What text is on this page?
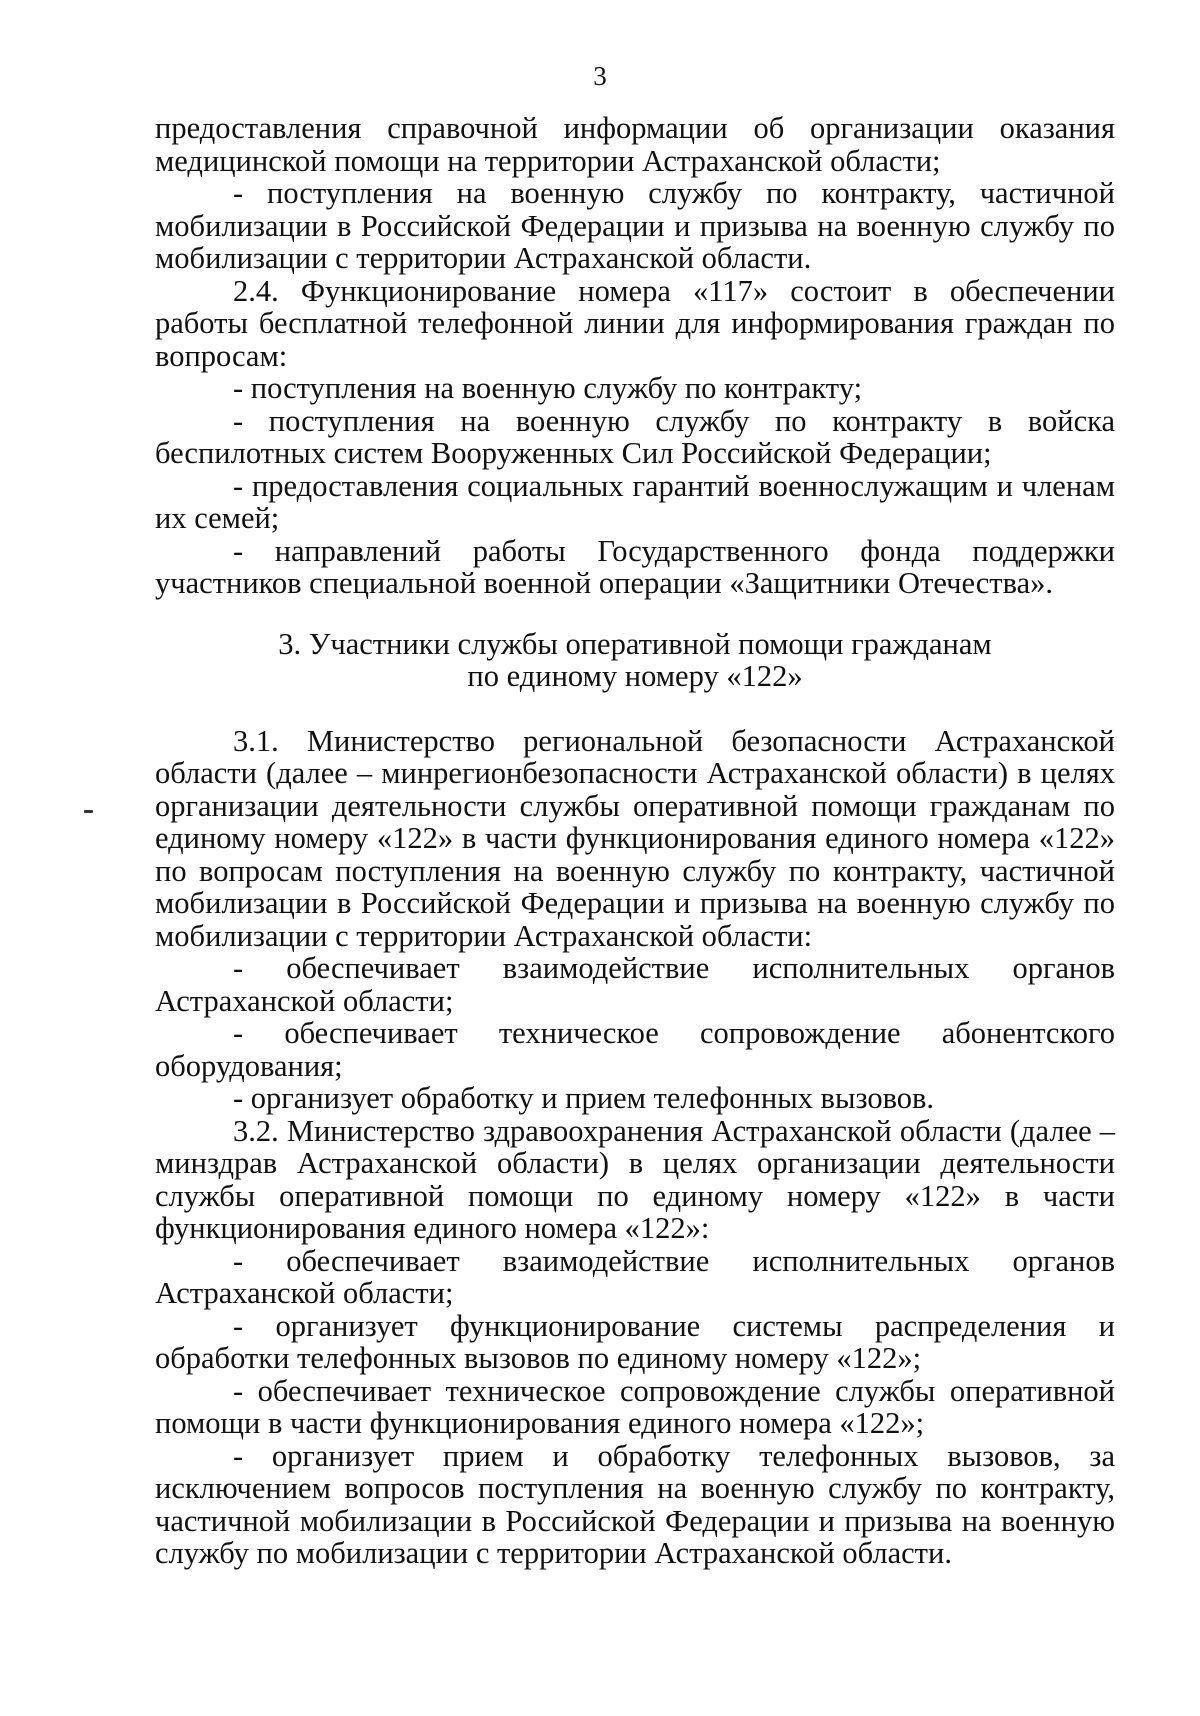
3

предоставления справочной информации об организации оказания медицинской помощи на территории Астраханской области;

- поступления на военную службу по контракту, частичной мобилизации в Российской Федерации и призыва на военную службу по мобилизации с территории Астраханской области.

2.4. Функционирование номера «117» состоит в обеспечении работы бесплатной телефонной линии для информирования граждан по вопросам:

- поступления на военную службу по контракту;

- поступления на военную службу по контракту в войска беспилотных систем Вооруженных Сил Российской Федерации;

- предоставления социальных гарантий военнослужащим и членам их семей;

- направлений работы Государственного фонда поддержки участников специальной военной операции «Защитники Отечества».

3. Участники службы оперативной помощи гражданам
по единому номеру «122»

3.1. Министерство региональной безопасности Астраханской области (далее – минрегионбезопасности Астраханской области) в целях организации деятельности службы оперативной помощи гражданам по единому номеру «122» в части функционирования единого номера «122» по вопросам поступления на военную службу по контракту, частичной мобилизации в Российской Федерации и призыва на военную службу по мобилизации с территории Астраханской области:

- обеспечивает взаимодействие исполнительных органов Астраханской области;

- обеспечивает техническое сопровождение абонентского оборудования;

- организует обработку и прием телефонных вызовов.

3.2. Министерство здравоохранения Астраханской области (далее – минздрав Астраханской области) в целях организации деятельности службы оперативной помощи по единому номеру «122» в части функционирования единого номера «122»:

- обеспечивает взаимодействие исполнительных органов Астраханской области;

- организует функционирование системы распределения и обработки телефонных вызовов по единому номеру «122»;

- обеспечивает техническое сопровождение службы оперативной помощи в части функционирования единого номера «122»;

- организует прием и обработку телефонных вызовов, за исключением вопросов поступления на военную службу по контракту, частичной мобилизации в Российской Федерации и призыва на военную службу по мобилизации с территории Астраханской области.
